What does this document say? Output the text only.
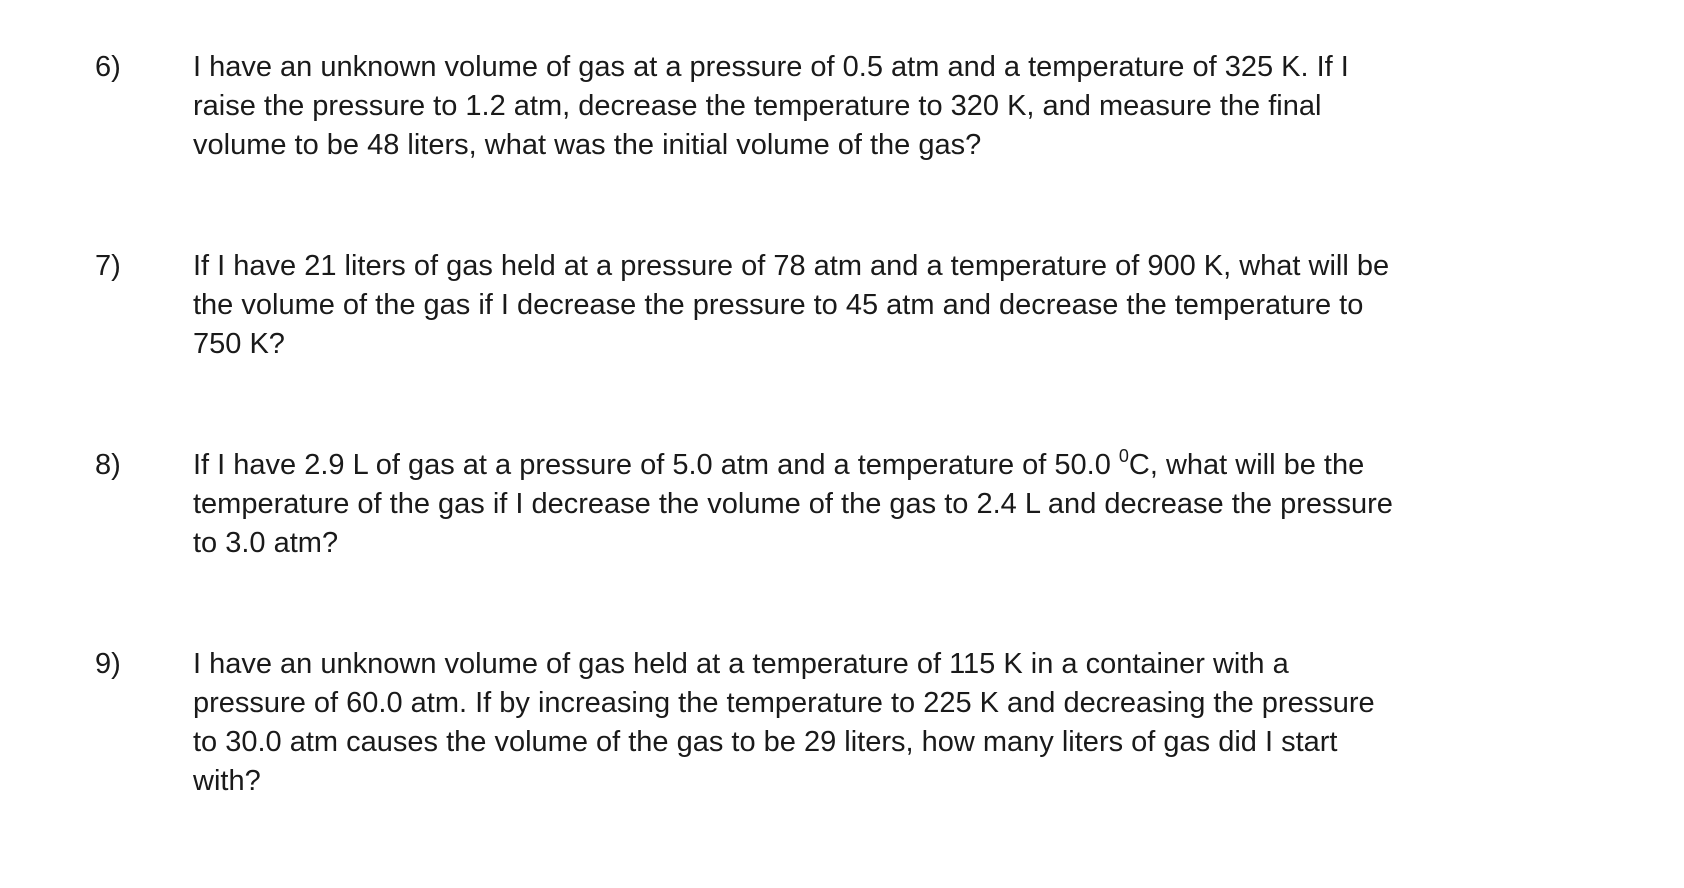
6) I have an unknown volume of gas at a pressure of 0.5 atm and a temperature of 325 K. If I
raise the pressure to 1.2 atm, decrease the temperature to 320 K, and measure the final
volume to be 48 liters, what was the initial volume of the gas?
7) If I have 21 liters of gas held at a pressure of 78 atm and a temperature of 900 K, what will be
the volume of the gas if I decrease the pressure to 45 atm and decrease the temperature to
750 K?
8) If I have 2.9 L of gas at a pressure of 5.0 atm and a temperature of 50.0 $^0$C, what will be the
temperature of the gas if I decrease the volume of the gas to 2.4 L and decrease the pressure
to 3.0 atm?
9) I have an unknown volume of gas held at a temperature of 115 K in a container with a
pressure of 60.0 atm. If by increasing the temperature to 225 K and decreasing the pressure
to 30.0 atm causes the volume of the gas to be 29 liters, how many liters of gas did I start
with?
